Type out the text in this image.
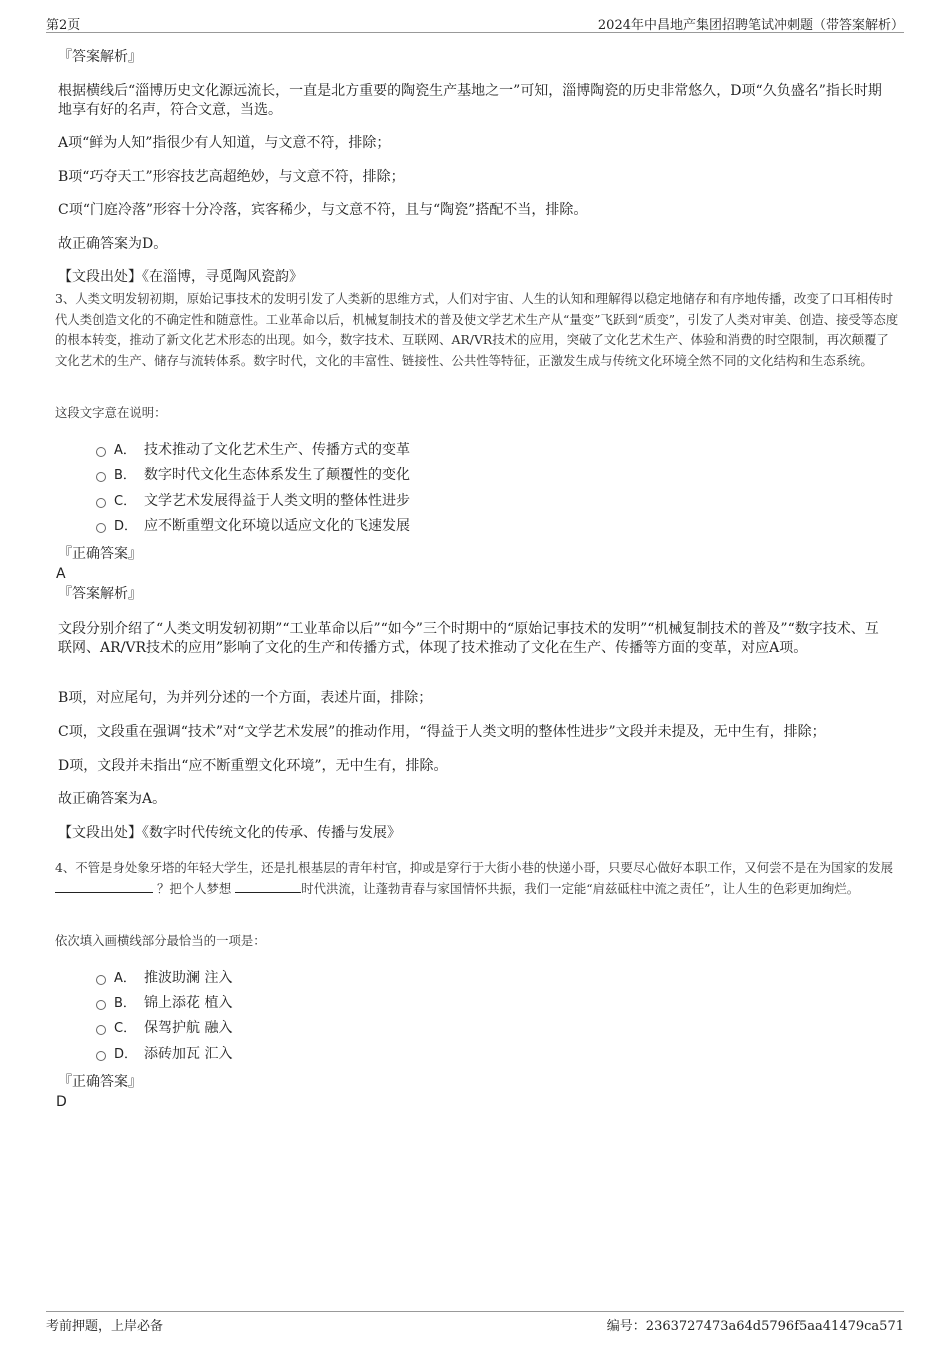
第2页	2024年中昌地产集团招聘笔试冲刺题（带答案解析）
『答案解析』
根据横线后“淄博历史文化源远流长，一直是北方重要的陶瓷生产基地之一”可知，淄博陶瓷的历史非常悠久，D项“久负盛名”指长时期地享有好的名声，符合文意，当选。
A项“鲜为人知”指很少有人知道，与文意不符，排除；
B项“巧夺天工”形容技艺高超绝妙，与文意不符，排除；
C项“门庭冷落”形容十分冷落，宾客稀少，与文意不符，且与“陶瓷”搭配不当，排除。
故正确答案为D。
【文段出处】《在淄博，寻觅陶风瓷韵》
3、人类文明发轫初期，原始记事技术的发明引发了人类新的思维方式，人们对宇宙、人生的认知和理解得以稳定地储存和有序地传播，改变了口耳相传时代人类创造文化的不确定性和随意性。工业革命以后，机械复制技术的普及使文学艺术生产从“量变”飞跃到“质变”，引发了人类对审美、创造、接受等态度的根本转变，推动了新文化艺术形态的出现。如今，数字技术、互联网、AR/VR技术的应用，突破了文化艺术生产、体验和消费的时空限制，再次颠覆了文化艺术的生产、储存与流转体系。数字时代，文化的丰富性、链接性、公共性等特征，正激发生成与传统文化环境全然不同的文化结构和生态系统。
这段文字意在说明：
A． 技术推动了文化艺术生产、传播方式的变革
B． 数字时代文化生态体系发生了颠覆性的变化
C． 文学艺术发展得益于人类文明的整体性进步
D． 应不断重塑文化环境以适应文化的飞速发展
『正确答案』
A
『答案解析』
文段分别介绍了“人类文明发轫初期”“工业革命以后”“如今”三个时期中的“原始记事技术的发明”“机械复制技术的普及”“数字技术、互联网、AR/VR技术的应用”影响了文化的生产和传播方式，体现了技术推动了文化在生产、传播等方面的变革，对应A项。
B项，对应尾句，为并列分述的一个方面，表述片面，排除；
C项，文段重在强调“技术”对“文学艺术发展”的推动作用，“得益于人类文明的整体性进步”文段并未提及，无中生有，排除；
D项，文段并未指出“应不断重塑文化环境”，无中生有，排除。
故正确答案为A。
【文段出处】《数字时代传统文化的传承、传播与发展》
4、不管是身处象牙塔的年轻大学生，还是扎根基层的青年村官，抑或是穿行于大街小巷的快递小哥，只要尽心做好本职工作，又何尝不是在为国家的发展  ？把个人梦想	时代洪流，让蓬勃青春与家国情怀共振，我们一定能“肩兹砥柱中流之责任”，让人生的色彩更加绚烂。
依次填入画横线部分最恰当的一项是：
A． 推波助澜 注入
B． 锦上添花 植入
C． 保驾护航 融入
D． 添砖加瓦 汇入
『正确答案』
D
考前押题，上岸必备	编号：2363727473a64d5796f5aa41479ca571
